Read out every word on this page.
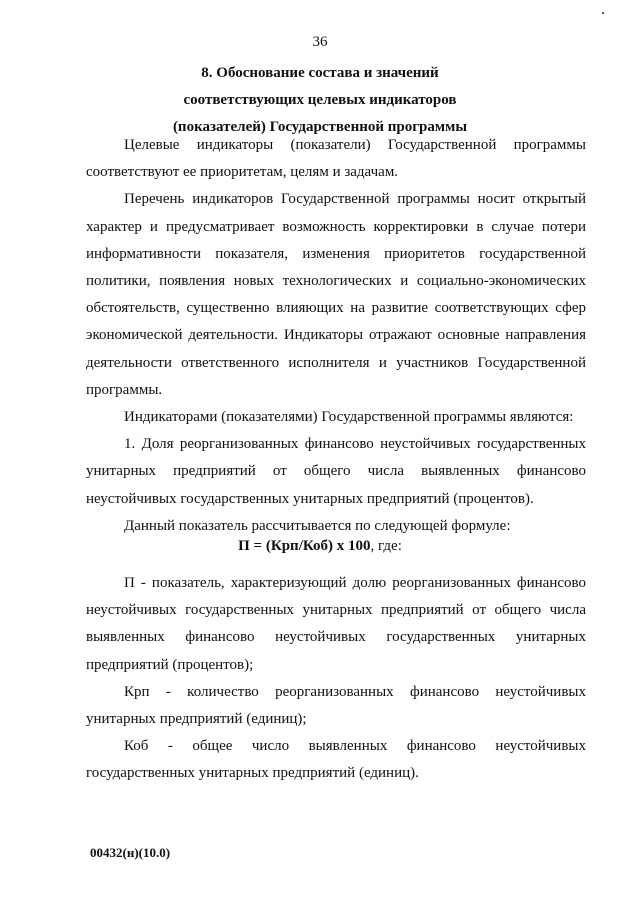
36
8. Обоснование состава и значений
соответствующих целевых индикаторов
(показателей) Государственной программы

Целевые индикаторы (показатели) Государственной программы соответствуют ее приоритетам, целям и задачам.

Перечень индикаторов Государственной программы носит открытый характер и предусматривает возможность корректировки в случае потери информативности показателя, изменения приоритетов государственной политики, появления новых технологических и социально-экономических обстоятельств, существенно влияющих на развитие соответствующих сфер экономической деятельности. Индикаторы отражают основные направления деятельности ответственного исполнителя и участников Государственной программы.

Индикаторами (показателями) Государственной программы являются:

1. Доля реорганизованных финансово неустойчивых государственных унитарных предприятий от общего числа выявленных финансово неустойчивых государственных унитарных предприятий (процентов).

Данный показатель рассчитывается по следующей формуле:

П = (Крп/Коб) х 100, где:

П - показатель, характеризующий долю реорганизованных финансово неустойчивых государственных унитарных предприятий от общего числа выявленных финансово неустойчивых государственных унитарных предприятий (процентов);

Крп - количество реорганизованных финансово неустойчивых унитарных предприятий (единиц);

Коб - общее число выявленных финансово неустойчивых государственных унитарных предприятий (единиц).

00432(н)(10.0)
